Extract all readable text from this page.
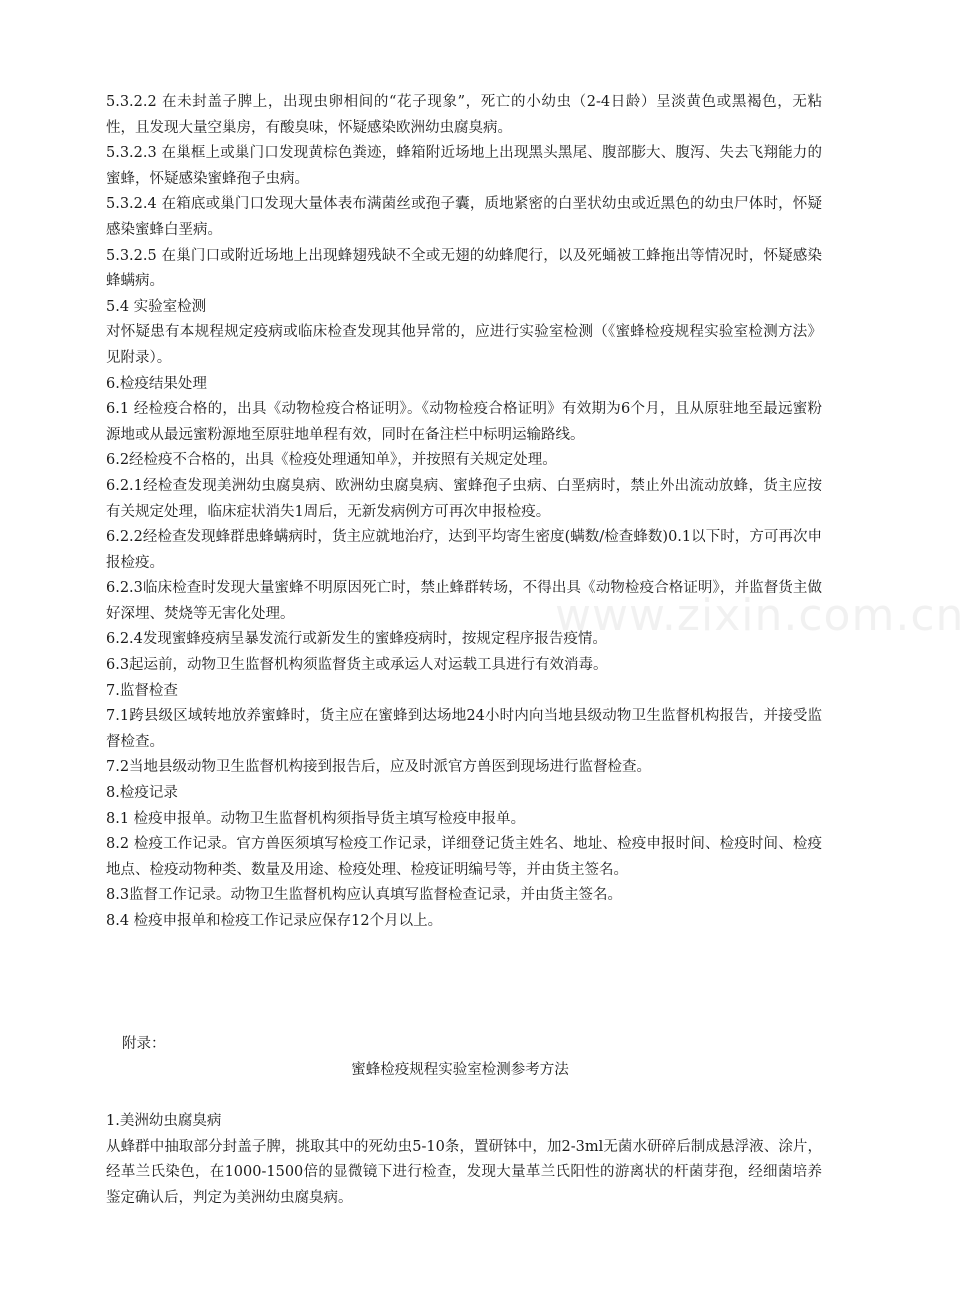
5.3.2.2 在未封盖子脾上，出现虫卵相间的“花子现象”，死亡的小幼虫（2-4日龄）呈淡黄色或黑褐色，无粘性，且发现大量空巢房，有酸臭味，怀疑感染欧洲幼虫腐臭病。

5.3.2.3 在巢框上或巢门口发现黄棕色粪迹，蜂箱附近场地上出现黑头黑尾、腹部膨大、腹泻、失去飞翔能力的蜜蜂，怀疑感染蜜蜂孢子虫病。

5.3.2.4 在箱底或巢门口发现大量体表布满菌丝或孢子囊，质地紧密的白垩状幼虫或近黑色的幼虫尸体时，怀疑感染蜜蜂白垩病。

5.3.2.5 在巢门口或附近场地上出现蜂翅残缺不全或无翅的幼蜂爬行，以及死蛹被工蜂拖出等情况时，怀疑感染蜂螨病。

5.4 实验室检测

对怀疑患有本规程规定疫病或临床检查发现其他异常的，应进行实验室检测（《蜜蜂检疫规程实验室检测方法》见附录）。

6.检疫结果处理

6.1 经检疫合格的，出具《动物检疫合格证明》。《动物检疫合格证明》有效期为6个月，且从原驻地至最远蜜粉源地或从最远蜜粉源地至原驻地单程有效，同时在备注栏中标明运输路线。

6.2经检疫不合格的，出具《检疫处理通知单》，并按照有关规定处理。

6.2.1经检查发现美洲幼虫腐臭病、欧洲幼虫腐臭病、蜜蜂孢子虫病、白垩病时，禁止外出流动放蜂，货主应按有关规定处理，临床症状消失1周后，无新发病例方可再次申报检疫。

6.2.2经检查发现蜂群患蜂螨病时，货主应就地治疗，达到平均寄生密度(螨数/检查蜂数)0.1以下时，方可再次申报检疫。

6.2.3临床检查时发现大量蜜蜂不明原因死亡时，禁止蜂群转场，不得出具《动物检疫合格证明》，并监督货主做好深埋、焚烧等无害化处理。

6.2.4发现蜜蜂疫病呈暴发流行或新发生的蜜蜂疫病时，按规定程序报告疫情。

6.3起运前，动物卫生监督机构须监督货主或承运人对运载工具进行有效消毒。

7.监督检查

7.1跨县级区域转地放养蜜蜂时，货主应在蜜蜂到达场地24小时内向当地县级动物卫生监督机构报告，并接受监督检查。

7.2当地县级动物卫生监督机构接到报告后，应及时派官方兽医到现场进行监督检查。

8.检疫记录

8.1 检疫申报单。动物卫生监督机构须指导货主填写检疫申报单。

8.2 检疫工作记录。官方兽医须填写检疫工作记录，详细登记货主姓名、地址、检疫申报时间、检疫时间、检疫地点、检疫动物种类、数量及用途、检疫处理、检疫证明编号等，并由货主签名。

8.3监督工作记录。动物卫生监督机构应认真填写监督检查记录，并由货主签名。

8.4 检疫申报单和检疫工作记录应保存12个月以上。

www.zixin.com.cn

附录：

蜜蜂检疫规程实验室检测参考方法

1.美洲幼虫腐臭病

从蜂群中抽取部分封盖子脾，挑取其中的死幼虫5-10条，置研钵中，加2-3ml无菌水研碎后制成悬浮液、涂片，经革兰氏染色，在1000-1500倍的显微镜下进行检查，发现大量革兰氏阳性的游离状的杆菌芽孢，经细菌培养鉴定确认后，判定为美洲幼虫腐臭病。
